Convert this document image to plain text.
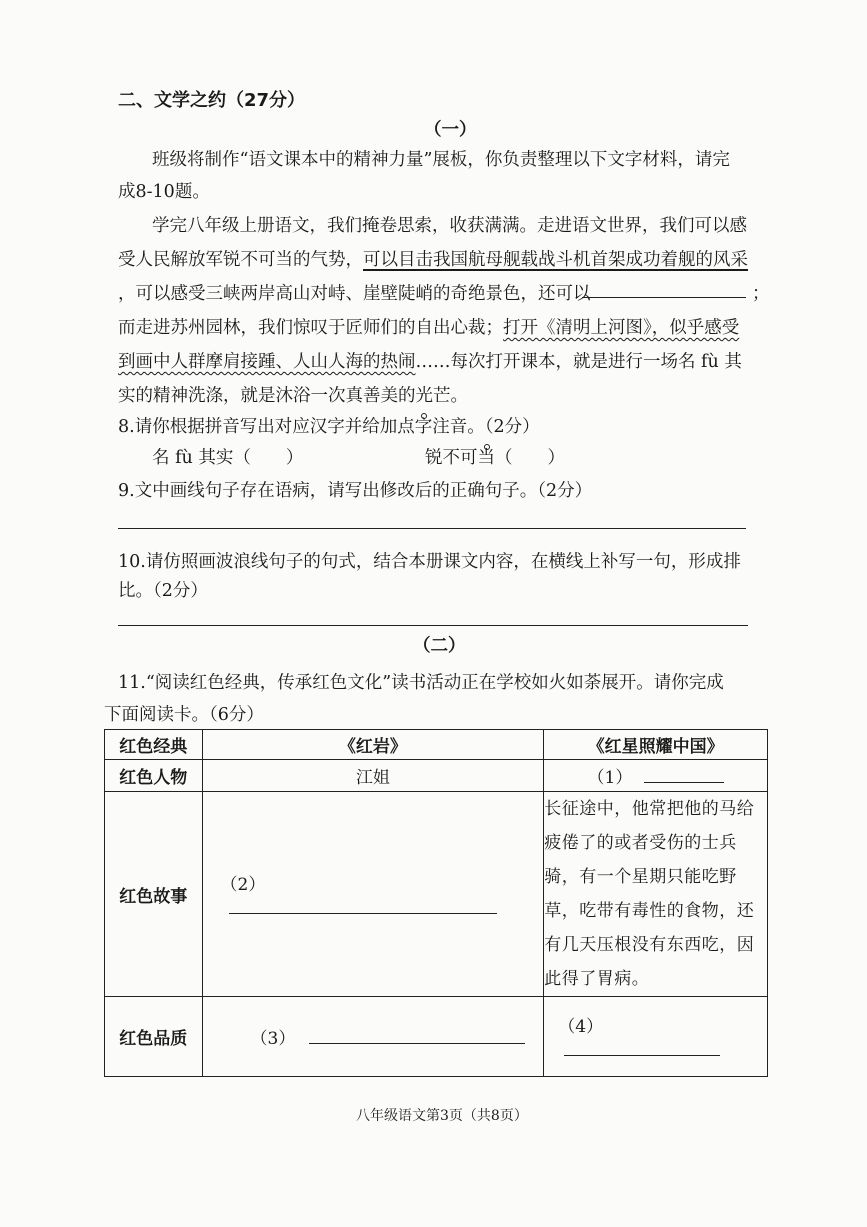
二、文学之约（27分）
（一）
班级将制作“语文课本中的精神力量”展板，你负责整理以下文字材料，请完
成8-10题。
学完八年级上册语文，我们掩卷思索，收获满满。走进语文世界，我们可以感
受人民解放军锐不可当的气势，可以目击我国航母舰载战斗机首架成功着舰的风采
，可以感受三峡两岸高山对峙、崖壁陡峭的奇绝景色，还可以	；
而走进苏州园林，我们惊叹于匠师们的自出心裁；打开《清明上河图》，似乎感受
到画中人群摩肩接踵、人山人海的热闹……每次打开课本，就是进行一场名 fù 其
实的精神洗涤，就是沐浴一次真善美的光芒。
8.请你根据拼音写出对应汉字并给加点字注音。（2分）
名 fù 其实（　　）	锐不可当（　　）
9.文中画线句子存在语病，请写出修改后的正确句子。（2分）
10.请仿照画波浪线句子的句式，结合本册课文内容，在横线上补写一句，形成排
比。（2分）
（二）
11.“阅读红色经典，传承红色文化”读书活动正在学校如火如荼展开。请你完成
下面阅读卡。（6分）
红色经典	《红岩》	《红星照耀中国》
红色人物	江姐	（1）
红色故事	（2）	长征途中，他常把他的马给疲倦了的或者受伤的士兵骑，有一个星期只能吃野草，吃带有毒性的食物，还有几天压根没有东西吃，因此得了胃病。
红色品质	（3）	（4）
八年级语文第3页（共8页）
